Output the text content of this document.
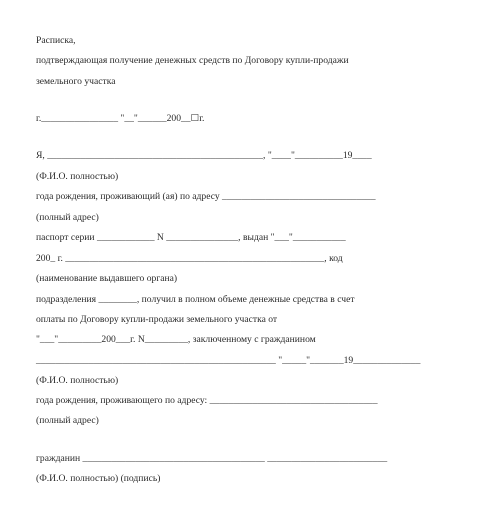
Расписка,
подтверждающая получение денежных средств по Договору купли-продажи
земельного участка
г.________________ "__"______200__☐г.
Я, _____________________________________________, "____"__________19____
(Ф.И.О. полностью)
года рождения, проживающий (ая) по адресу ________________________________
(полный адрес)
паспорт серии ____________ N _______________, выдан "___"___________
200_ г. ______________________________________________________, код
(наименование выдавшего органа)
подразделения ________, получил в полном объеме денежные средства в счет
оплаты по Договору купли-продажи земельного участка от
"___"_________200___г. N_________, заключенному с гражданином
__________________________________________________ "_____"_______19______________
(Ф.И.О. полностью)
года рождения, проживающего по адресу: ___________________________________
(полный адрес)
гражданин ______________________________________ _________________________
(Ф.И.О. полностью) (подпись)
